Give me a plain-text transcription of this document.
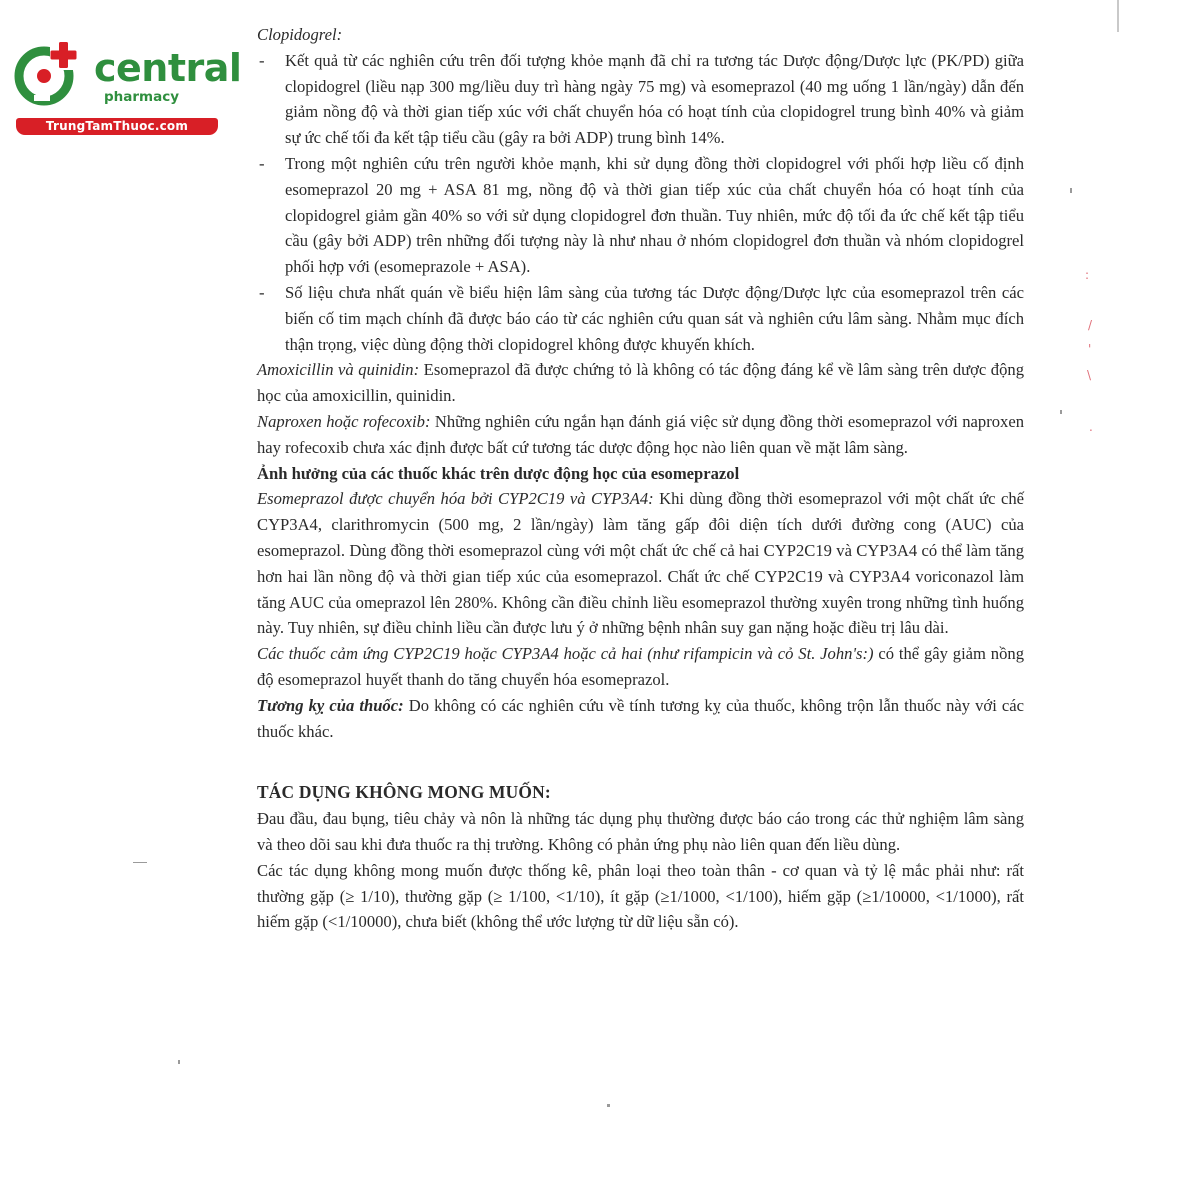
central
pharmacy
TrungTamThuoc.com

Clopidogrel:

- Kết quả từ các nghiên cứu trên đối tượng khỏe mạnh đã chỉ ra tương tác Dược động/Dược lực (PK/PD) giữa clopidogrel (liều nạp 300 mg/liều duy trì hàng ngày 75 mg) và esomeprazol (40 mg uống 1 lần/ngày) dẫn đến giảm nồng độ và thời gian tiếp xúc với chất chuyển hóa có hoạt tính của clopidogrel trung bình 40% và giảm sự ức chế tối đa kết tập tiểu cầu (gây ra bởi ADP) trung bình 14%.
- Trong một nghiên cứu trên người khỏe mạnh, khi sử dụng đồng thời clopidogrel với phối hợp liều cố định esomeprazol 20 mg + ASA 81 mg, nồng độ và thời gian tiếp xúc của chất chuyển hóa có hoạt tính của clopidogrel giảm gần 40% so với sử dụng clopidogrel đơn thuần. Tuy nhiên, mức độ tối đa ức chế kết tập tiểu cầu (gây bởi ADP) trên những đối tượng này là như nhau ở nhóm clopidogrel đơn thuần và nhóm clopidogrel phối hợp với (esomeprazole + ASA).
- Số liệu chưa nhất quán về biểu hiện lâm sàng của tương tác Dược động/Dược lực của esomeprazol trên các biến cố tim mạch chính đã được báo cáo từ các nghiên cứu quan sát và nghiên cứu lâm sàng. Nhằm mục đích thận trọng, việc dùng động thời clopidogrel không được khuyến khích.

Amoxicillin và quinidin: Esomeprazol đã được chứng tỏ là không có tác động đáng kể về lâm sàng trên dược động học của amoxicillin, quinidin.

Naproxen hoặc rofecoxib: Những nghiên cứu ngắn hạn đánh giá việc sử dụng đồng thời esomeprazol với naproxen hay rofecoxib chưa xác định được bất cứ tương tác dược động học nào liên quan về mặt lâm sàng.

Ảnh hưởng của các thuốc khác trên dược động học của esomeprazol

Esomeprazol được chuyển hóa bởi CYP2C19 và CYP3A4: Khi dùng đồng thời esomeprazol với một chất ức chế CYP3A4, clarithromycin (500 mg, 2 lần/ngày) làm tăng gấp đôi diện tích dưới đường cong (AUC) của esomeprazol. Dùng đồng thời esomeprazol cùng với một chất ức chế cả hai CYP2C19 và CYP3A4 có thể làm tăng hơn hai lần nồng độ và thời gian tiếp xúc của esomeprazol. Chất ức chế CYP2C19 và CYP3A4 voriconazol làm tăng AUC của omeprazol lên 280%. Không cần điều chỉnh liều esomeprazol thường xuyên trong những tình huống này. Tuy nhiên, sự điều chỉnh liều cần được lưu ý ở những bệnh nhân suy gan nặng hoặc điều trị lâu dài.

Các thuốc cảm ứng CYP2C19 hoặc CYP3A4 hoặc cả hai (như rifampicin và cỏ St. John's:) có thể gây giảm nồng độ esomeprazol huyết thanh do tăng chuyển hóa esomeprazol.

Tương kỵ của thuốc: Do không có các nghiên cứu về tính tương kỵ của thuốc, không trộn lẫn thuốc này với các thuốc khác.

TÁC DỤNG KHÔNG MONG MUỐN:

Đau đầu, đau bụng, tiêu chảy và nôn là những tác dụng phụ thường được báo cáo trong các thử nghiệm lâm sàng và theo dõi sau khi đưa thuốc ra thị trường. Không có phản ứng phụ nào liên quan đến liều dùng.

Các tác dụng không mong muốn được thống kê, phân loại theo toàn thân - cơ quan và tỷ lệ mắc phải như: rất thường gặp (≥ 1/10), thường gặp (≥ 1/100, <1/10), ít gặp (≥1/1000, <1/100), hiếm gặp (≥1/10000, <1/1000), rất hiếm gặp (<1/10000), chưa biết (không thể ước lượng từ dữ liệu sẵn có).

:
/
'
\
.
